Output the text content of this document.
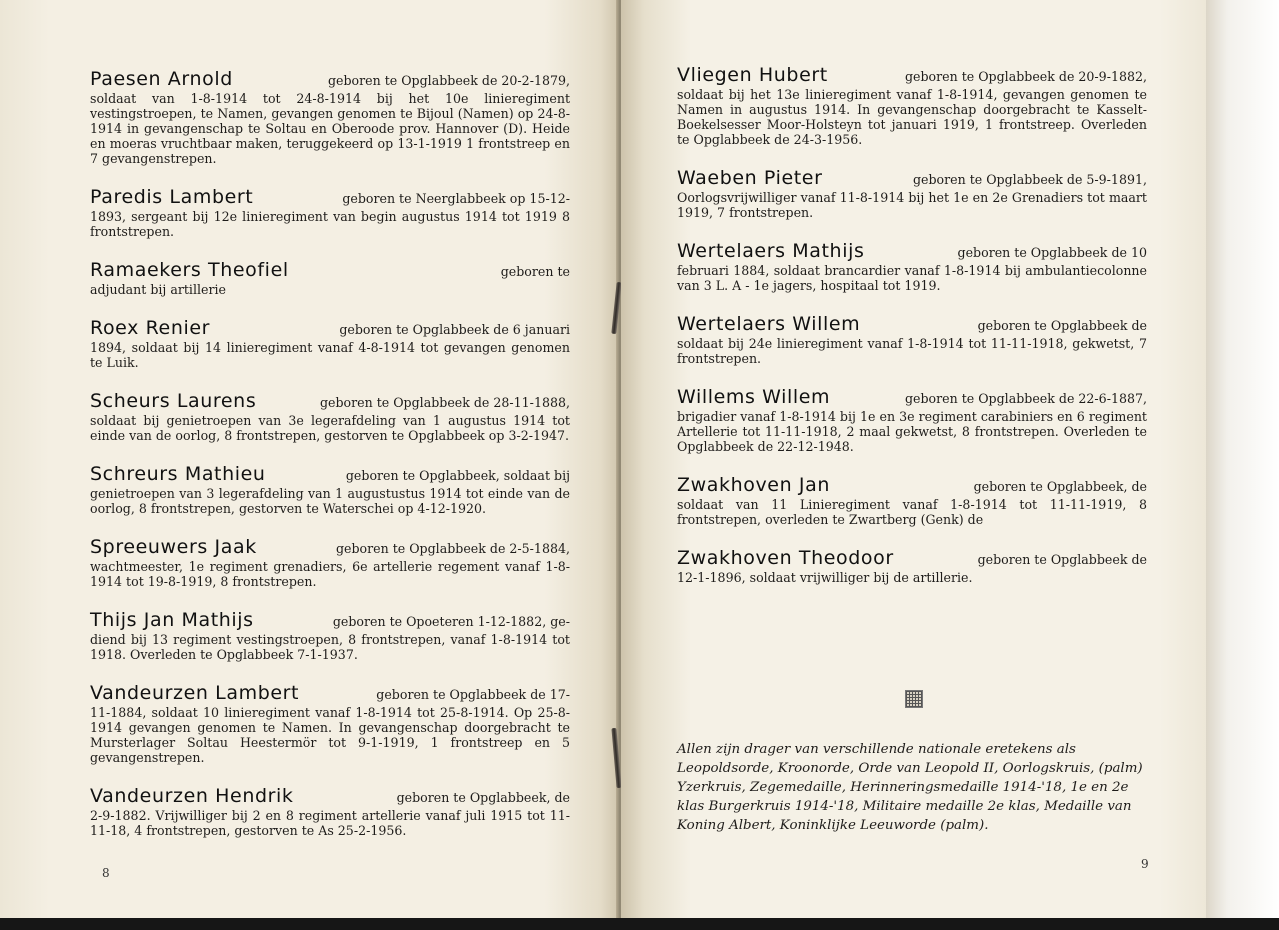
Paesen Arnold	geboren te Opglabbeek de 20-2-1879,
soldaat van 1-8-1914 tot 24-8-1914 bij het 10e linieregiment vestingstroepen, te Namen, gevangen genomen te Bijoul (Namen) op 24-8-1914 in gevangenschap te Soltau en Oberoode prov. Hannover (D). Heide en moeras vruchtbaar maken, teruggekeerd op 13-1-1919 1 frontstreep en 7 gevangenstrepen.
Paredis Lambert	geboren te Neerglabbeek op 15-12-
1893, sergeant bij 12e linieregiment van begin augustus 1914 tot 1919 8 frontstrepen.
Ramaekers Theofiel	geboren te
adjudant bij artillerie
Roex Renier	geboren te Opglabbeek de 6 januari
1894, soldaat bij 14 linieregiment vanaf 4-8-1914 tot gevangen genomen te Luik.
Scheurs Laurens	geboren te Opglabbeek de 28-11-1888,
soldaat bij genietroepen van 3e legerafdeling van 1 augustus 1914 tot einde van de oorlog, 8 frontstrepen, gestorven te Opglabbeek op 3-2-1947.
Schreurs Mathieu	geboren te Opglabbeek, soldaat bij
genietroepen van 3 legerafdeling van 1 augustustus 1914 tot einde van de oorlog, 8 frontstrepen, gestorven te Waterschei op 4-12-1920.
Spreeuwers Jaak	geboren te Opglabbeek de 2-5-1884,
wachtmeester, 1e regiment grenadiers, 6e artellerie regement vanaf 1-8-1914 tot 19-8-1919, 8 frontstrepen.
Thijs Jan Mathijs	geboren te Opoeteren 1-12-1882, ge-
diend bij 13 regiment vestingstroepen, 8 frontstrepen, vanaf 1-8-1914 tot 1918. Overleden te Opglabbeek 7-1-1937.
Vandeurzen Lambert	geboren te Opglabbeek de 17-
11-1884, soldaat 10 linieregiment vanaf 1-8-1914 tot 25-8-1914. Op 25-8-1914 gevangen genomen te Namen. In gevangenschap doorgebracht te Mursterlager Soltau Heestermör tot 9-1-1919, 1 frontstreep en 5 gevangenstrepen.
Vandeurzen Hendrik	geboren te Opglabbeek, de
2-9-1882. Vrijwilliger bij 2 en 8 regiment artellerie vanaf juli 1915 tot 11-11-18, 4 frontstrepen, gestorven te As 25-2-1956.
8
Vliegen Hubert	geboren te Opglabbeek de 20-9-1882,
soldaat bij het 13e linieregiment vanaf 1-8-1914, gevangen genomen te Namen in augustus 1914. In gevangenschap doorgebracht te Kasselt-Boekelsesser Moor-Holsteyn tot januari 1919, 1 frontstreep. Overleden te Opglabbeek de 24-3-1956.
Waeben Pieter	geboren te Opglabbeek de 5-9-1891,
Oorlogsvrijwilliger vanaf 11-8-1914 bij het 1e en 2e Grenadiers tot maart 1919, 7 frontstrepen.
Wertelaers Mathijs	geboren te Opglabbeek de 10
februari 1884, soldaat brancardier vanaf 1-8-1914 bij ambulantiecolonne van 3 L. A - 1e jagers, hospitaal tot 1919.
Wertelaers Willem	geboren te Opglabbeek de
soldaat bij 24e linieregiment vanaf 1-8-1914 tot 11-11-1918, gekwetst, 7 frontstrepen.
Willems Willem	geboren te Opglabbeek de 22-6-1887,
brigadier vanaf 1-8-1914 bij 1e en 3e regiment carabiniers en 6 regiment Artellerie tot 11-11-1918, 2 maal gekwetst, 8 frontstrepen. Overleden te Opglabbeek de 22-12-1948.
Zwakhoven Jan	geboren te Opglabbeek, de
soldaat van 11 Linieregiment vanaf 1-8-1914 tot 11-11-1919, 8 frontstrepen, overleden te Zwartberg (Genk) de
Zwakhoven Theodoor	geboren te Opglabbeek de
12-1-1896, soldaat vrijwilliger bij de artillerie.
Allen zijn drager van verschillende nationale eretekens als Leopoldsorde, Kroonorde, Orde van Leopold II, Oorlogskruis, (palm) Yzerkruis, Zegemedaille, Herinneringsmedaille 1914-'18, 1e en 2e klas Burgerkruis 1914-'18, Militaire medaille 2e klas, Medaille van Koning Albert, Koninklijke Leeuworde (palm).
9
